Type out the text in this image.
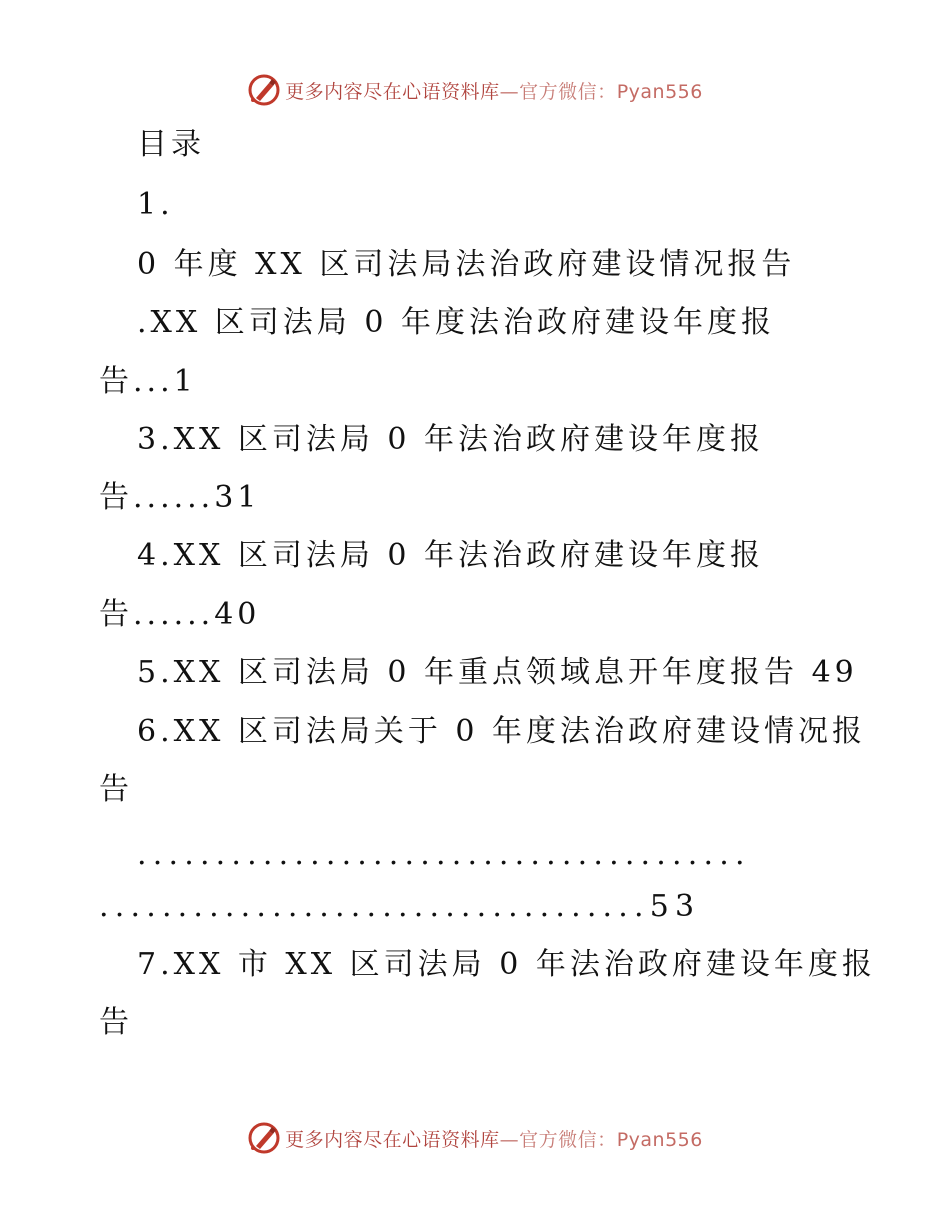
更多内容尽在心语资料库—官方微信：Pyan556
目录
1.
0 年度 XX 区司法局法治政府建设情况报告
.XX 区司法局 0 年度法治政府建设年度报
告...1
3.XX 区司法局 0 年法治政府建设年度报
告......31
4.XX 区司法局 0 年法治政府建设年度报
告......40
5.XX 区司法局 0 年重点领域息开年度报告 49
6.XX 区司法局关于 0 年度法治政府建设情况报
告
.......................................
...................................53
7.XX 市 XX 区司法局 0 年法治政府建设年度报
告
更多内容尽在心语资料库—官方微信：Pyan556
